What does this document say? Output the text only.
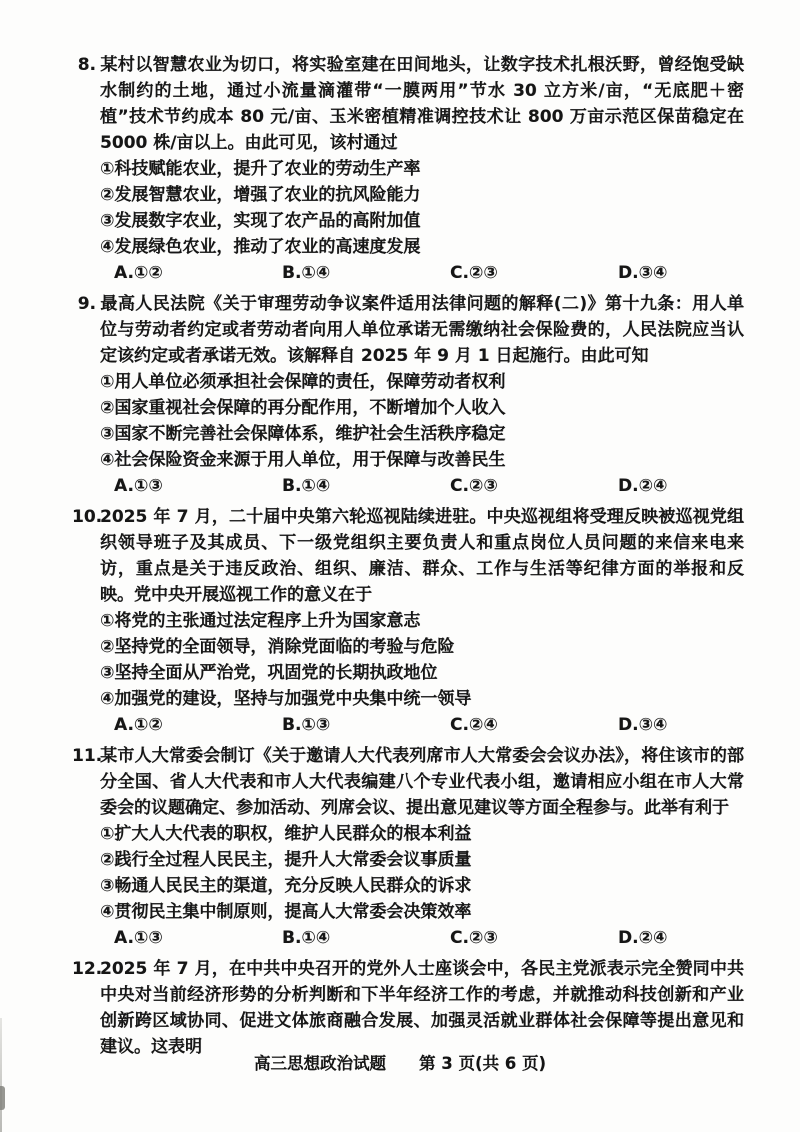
8. 某村以智慧农业为切口，将实验室建在田间地头，让数字技术扎根沃野，曾经饱受缺水制约的土地，通过小流量滴灌带“一膜两用”节水 30 立方米/亩，“无底肥＋密植”技术节约成本 80 元/亩、玉米密植精准调控技术让 800 万亩示范区保苗稳定在 5000 株/亩以上。由此可见，该村通过

①科技赋能农业，提升了农业的劳动生产率

②发展智慧农业，增强了农业的抗风险能力

③发展数字农业，实现了农产品的高附加值

④发展绿色农业，推动了农业的高速度发展

A.①②	B.①④	C.②③	D.③④

9. 最高人民法院《关于审理劳动争议案件适用法律问题的解释(二)》第十九条：用人单位与劳动者约定或者劳动者向用人单位承诺无需缴纳社会保险费的，人民法院应当认定该约定或者承诺无效。该解释自 2025 年 9 月 1 日起施行。由此可知

①用人单位必须承担社会保障的责任，保障劳动者权利

②国家重视社会保障的再分配作用，不断增加个人收入

③国家不断完善社会保障体系，维护社会生活秩序稳定

④社会保险资金来源于用人单位，用于保障与改善民生

A.①③	B.①④	C.②③	D.②④

10.2025 年 7 月，二十届中央第六轮巡视陆续进驻。中央巡视组将受理反映被巡视党组织领导班子及其成员、下一级党组织主要负责人和重点岗位人员问题的来信来电来访，重点是关于违反政治、组织、廉洁、群众、工作与生活等纪律方面的举报和反映。党中央开展巡视工作的意义在于

①将党的主张通过法定程序上升为国家意志

②坚持党的全面领导，消除党面临的考验与危险

③坚持全面从严治党，巩固党的长期执政地位

④加强党的建设，坚持与加强党中央集中统一领导

A.①②	B.①③	C.②④	D.③④

11.某市人大常委会制订《关于邀请人大代表列席市人大常委会会议办法》，将住该市的部分全国、省人大代表和市人大代表编建八个专业代表小组，邀请相应小组在市人大常委会的议题确定、参加活动、列席会议、提出意见建议等方面全程参与。此举有利于

①扩大人大代表的职权，维护人民群众的根本利益

②践行全过程人民民主，提升人大常委会议事质量

③畅通人民民主的渠道，充分反映人民群众的诉求

④贯彻民主集中制原则，提高人大常委会决策效率

A.①③	B.①④	C.②③	D.②④

12.2025 年 7 月，在中共中央召开的党外人士座谈会中，各民主党派表示完全赞同中共中央对当前经济形势的分析判断和下半年经济工作的考虑，并就推动科技创新和产业创新跨区域协同、促进文体旅商融合发展、加强灵活就业群体社会保障等提出意见和建议。这表明

高三思想政治试题 第 3 页(共 6 页)
